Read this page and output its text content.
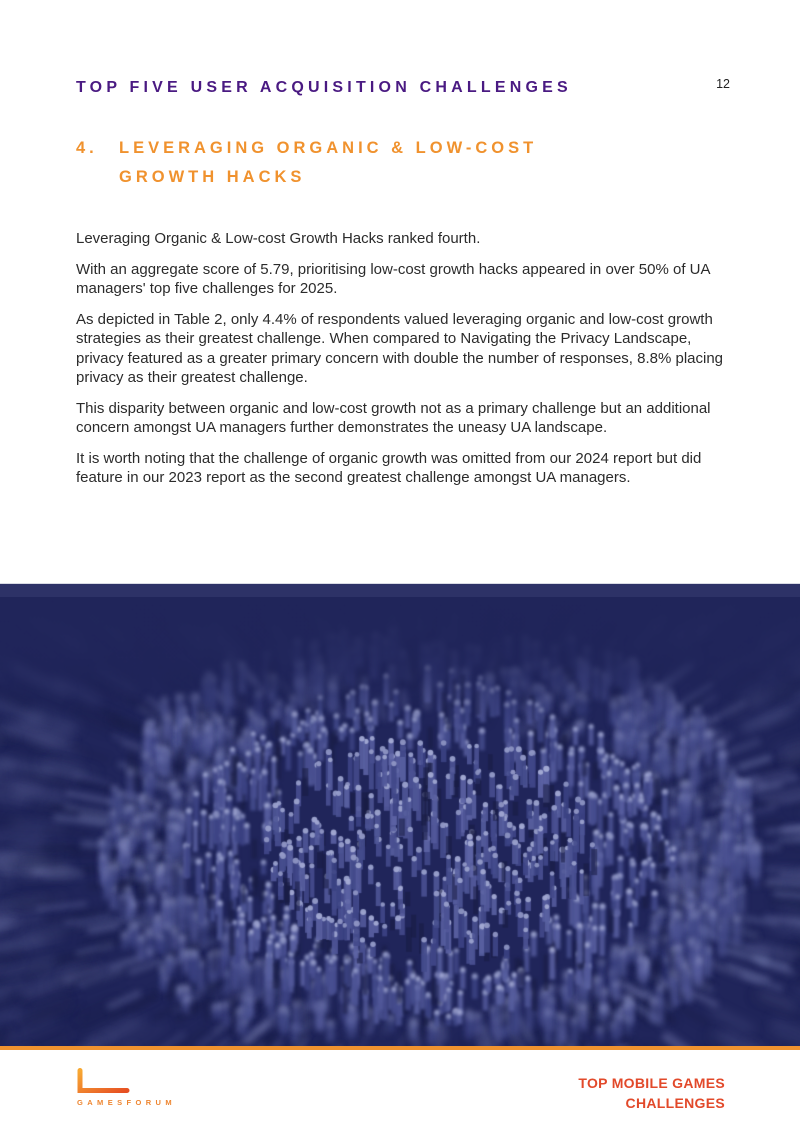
TOP FIVE USER ACQUISITION CHALLENGES	12
4.	LEVERAGING ORGANIC & LOW-COST
GROWTH HACKS

Leveraging Organic & Low-cost Growth Hacks ranked fourth.

With an aggregate score of 5.79, prioritising low-cost growth hacks appeared in over 50% of UA managers' top five challenges for 2025.

As depicted in Table 2, only 4.4% of respondents valued leveraging organic and low-cost growth strategies as their greatest challenge. When compared to Navigating the Privacy Landscape, privacy featured as a greater primary concern with double the number of responses, 8.8% placing privacy as their greatest challenge.

This disparity between organic and low-cost growth not as a primary challenge but an additional concern amongst UA managers further demonstrates the uneasy UA landscape.

It is worth noting that the challenge of organic growth was omitted from our 2024 report but did feature in our 2023 report as the second greatest challenge amongst UA managers.

GAMESFORUM
TOP MOBILE GAMES
CHALLENGES
